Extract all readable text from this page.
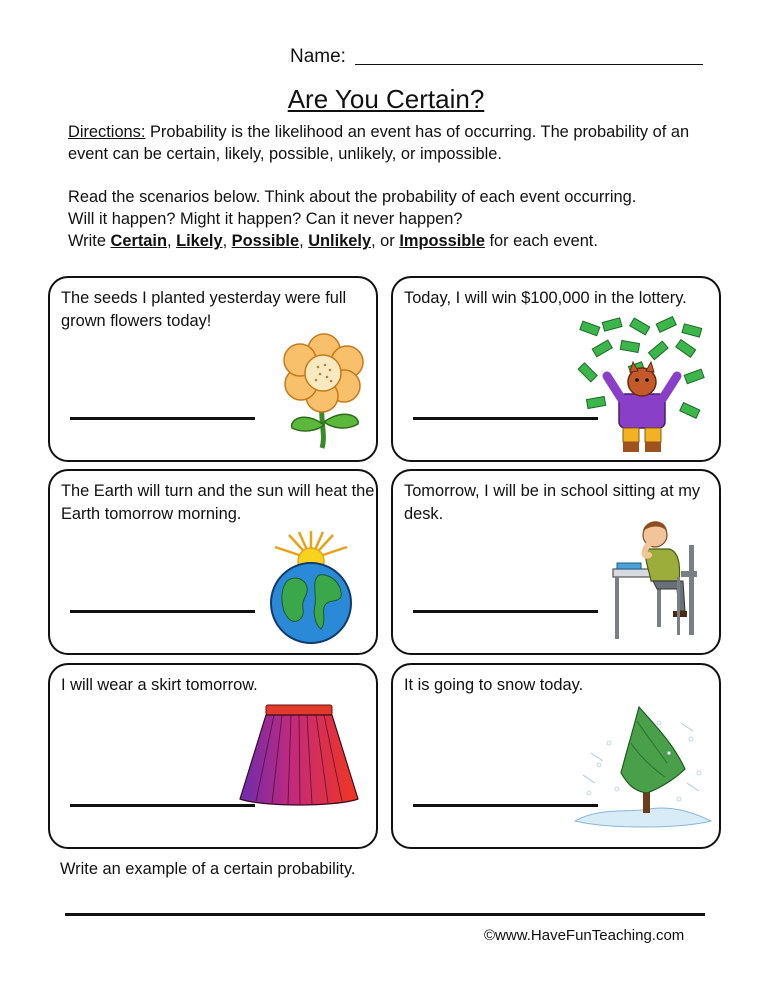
Name:
Are You Certain?
Directions: Probability is the likelihood an event has of occurring. The probability of an event can be certain, likely, possible, unlikely, or impossible.
Read the scenarios below. Think about the probability of each event occurring.
Will it happen? Might it happen? Can it never happen?
Write Certain, Likely, Possible, Unlikely, or Impossible for each event.
The seeds I planted yesterday were full grown flowers today!
Today, I will win $100,000 in the lottery.
The Earth will turn and the sun will heat the Earth tomorrow morning.
Tomorrow, I will be in school sitting at my desk.
I will wear a skirt tomorrow.	It is going to snow today.
Write an example of a certain probability.
©www.HaveFunTeaching.com
